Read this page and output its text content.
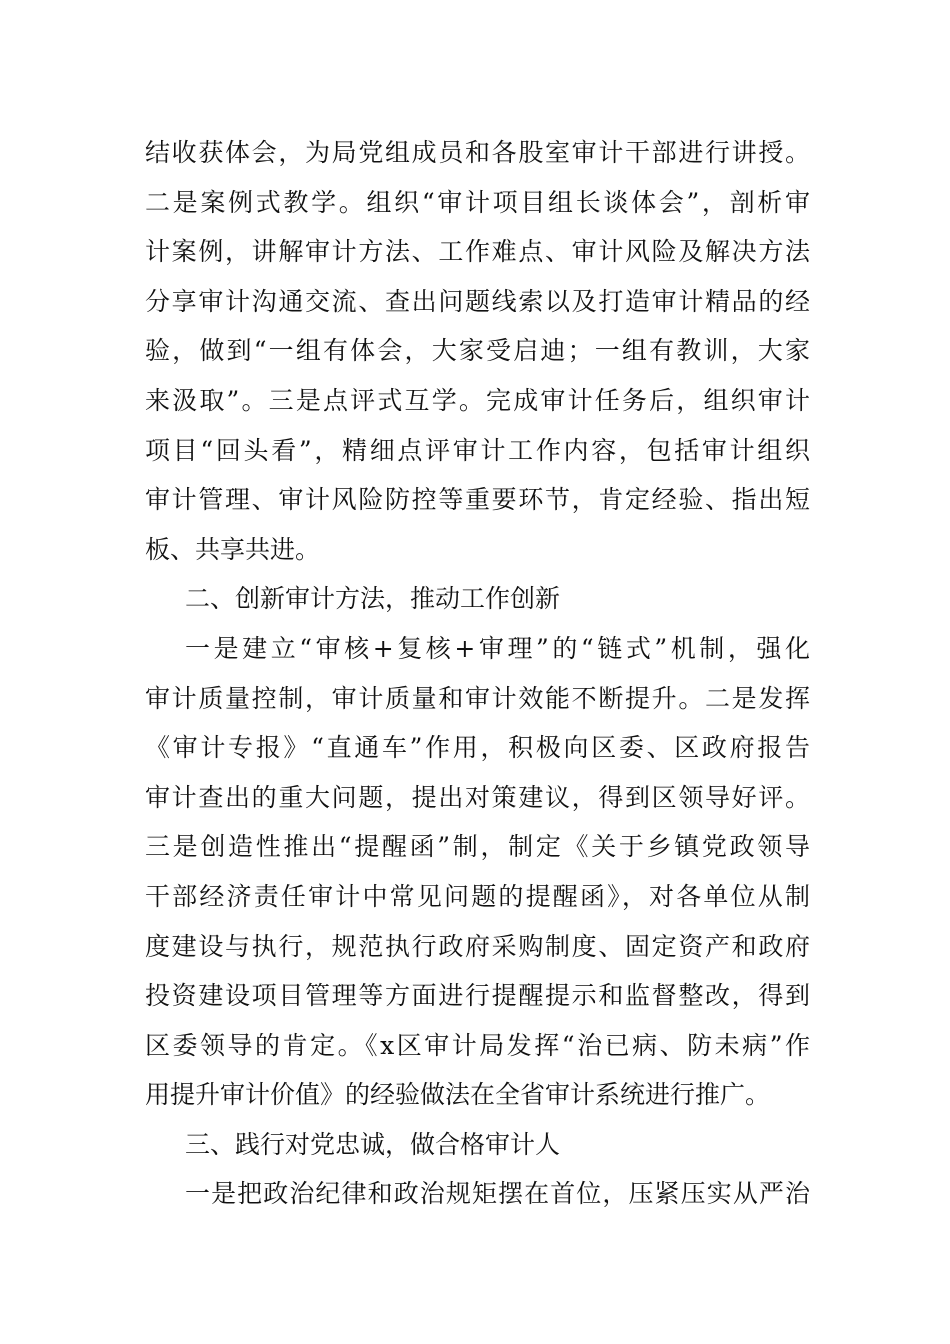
结收获体会，为局党组成员和各股室审计干部进行讲授。
二是案例式教学。组织“审计项目组长谈体会”，剖析审
计案例，讲解审计方法、工作难点、审计风险及解决方法
分享审计沟通交流、查出问题线索以及打造审计精品的经
验，做到“一组有体会，大家受启迪；一组有教训，大家
来汲取”。三是点评式互学。完成审计任务后，组织审计
项目“回头看”，精细点评审计工作内容，包括审计组织
审计管理、审计风险防控等重要环节，肯定经验、指出短
板、共享共进。
二、创新审计方法，推动工作创新
一是建立“审核+复核+审理”的“链式”机制，强化
审计质量控制，审计质量和审计效能不断提升。二是发挥
《审计专报》“直通车”作用，积极向区委、区政府报告
审计查出的重大问题，提出对策建议，得到区领导好评。
三是创造性推出“提醒函”制，制定《关于乡镇党政领导
干部经济责任审计中常见问题的提醒函》，对各单位从制
度建设与执行，规范执行政府采购制度、固定资产和政府
投资建设项目管理等方面进行提醒提示和监督整改，得到
区委领导的肯定。《x区审计局发挥“治已病、防未病”作
用提升审计价值》的经验做法在全省审计系统进行推广。
三、践行对党忠诚，做合格审计人
一是把政治纪律和政治规矩摆在首位，压紧压实从严治
